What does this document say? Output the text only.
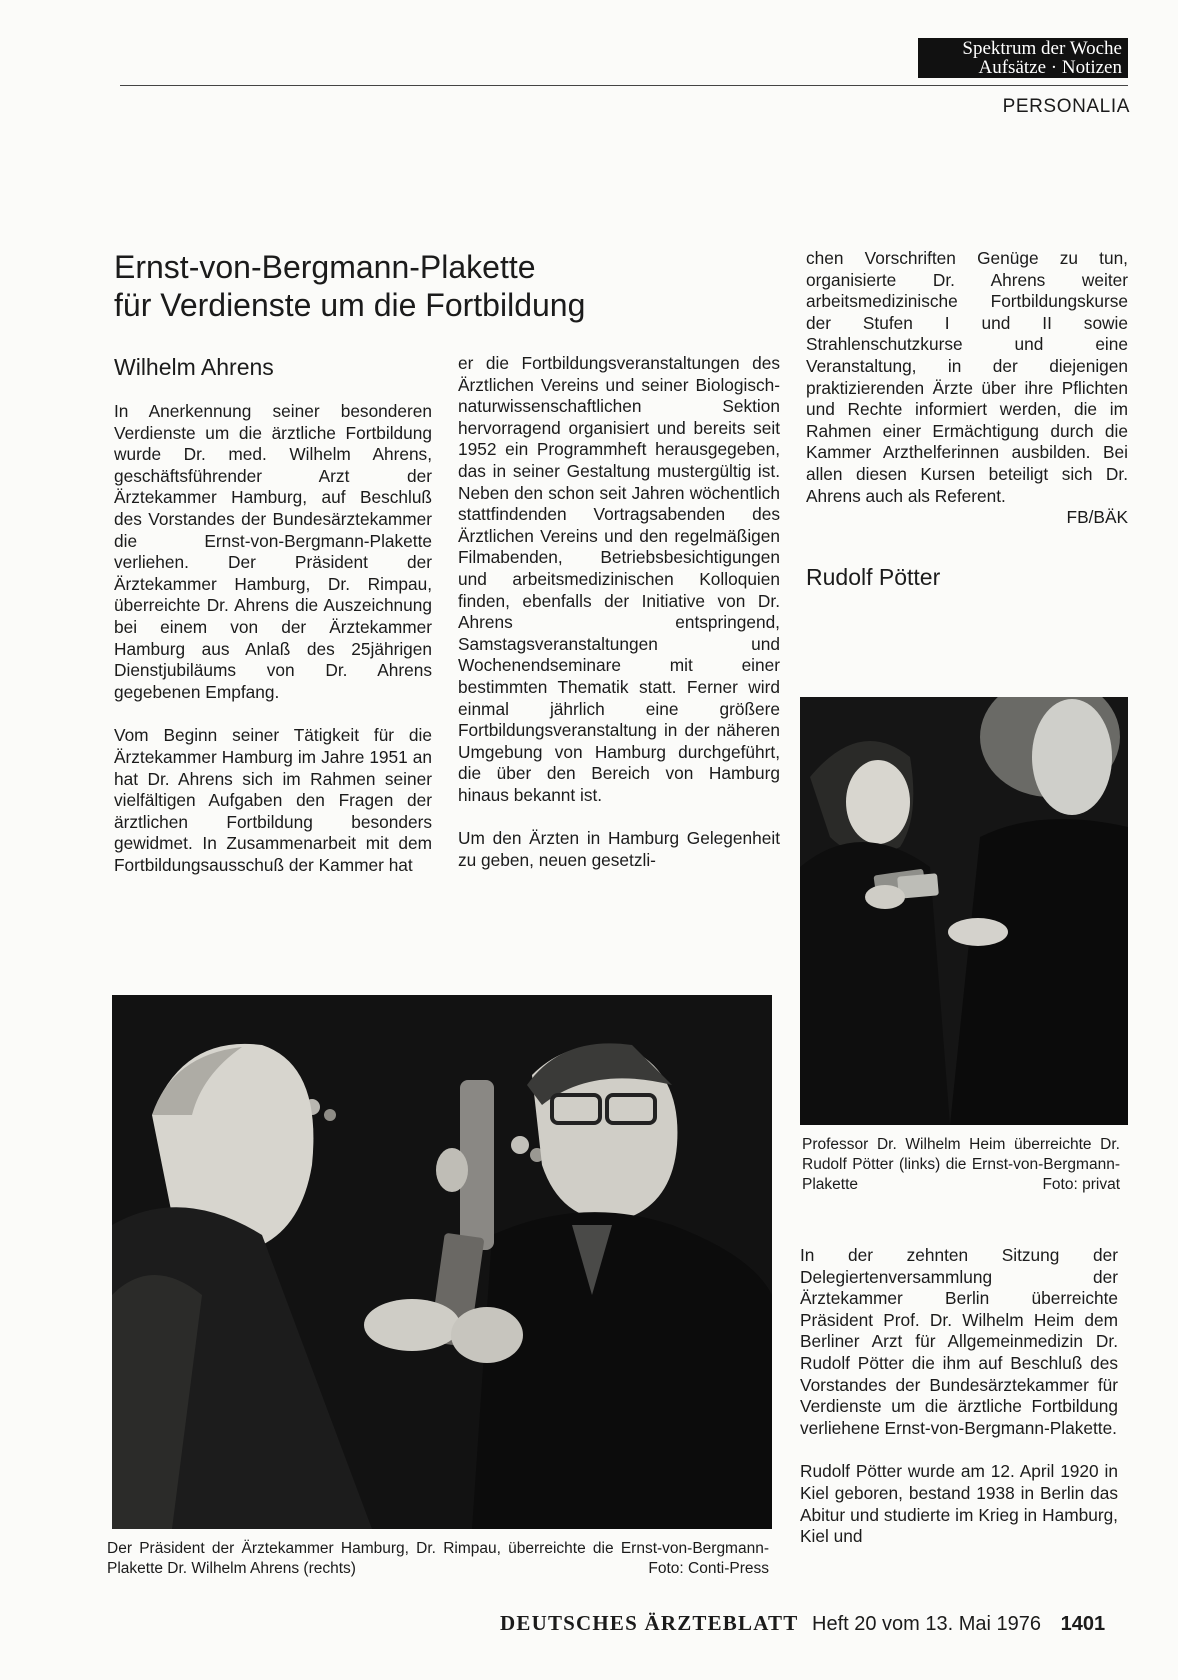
Spektrum der Woche
Aufsätze · Notizen
PERSONALIA
Ernst-von-Bergmann-Plakette
für Verdienste um die Fortbildung
Wilhelm Ahrens

In Anerkennung seiner besonderen Verdienste um die ärztliche Fortbildung wurde Dr. med. Wilhelm Ahrens, geschäftsführender Arzt der Ärztekammer Hamburg, auf Beschluß des Vorstandes der Bundesärztekammer die Ernst-von-Bergmann-Plakette verliehen. Der Präsident der Ärztekammer Hamburg, Dr. Rimpau, überreichte Dr. Ahrens die Auszeichnung bei einem von der Ärztekammer Hamburg aus Anlaß des 25jährigen Dienstjubiläums von Dr. Ahrens gegebenen Empfang.

Vom Beginn seiner Tätigkeit für die Ärztekammer Hamburg im Jahre 1951 an hat Dr. Ahrens sich im Rahmen seiner vielfältigen Aufgaben den Fragen der ärztlichen Fortbildung besonders gewidmet. In Zusammenarbeit mit dem Fortbildungsausschuß der Kammer hat

er die Fortbildungsveranstaltungen des Ärztlichen Vereins und seiner Biologisch-naturwissenschaftlichen Sektion hervorragend organisiert und bereits seit 1952 ein Programmheft herausgegeben, das in seiner Gestaltung mustergültig ist. Neben den schon seit Jahren wöchentlich stattfindenden Vortragsabenden des Ärztlichen Vereins und den regelmäßigen Filmabenden, Betriebsbesichtigungen und arbeitsmedizinischen Kolloquien finden, ebenfalls der Initiative von Dr. Ahrens entspringend, Samstagsveranstaltungen und Wochenendseminare mit einer bestimmten Thematik statt. Ferner wird einmal jährlich eine größere Fortbildungsveranstaltung in der näheren Umgebung von Hamburg durchgeführt, die über den Bereich von Hamburg hinaus bekannt ist.

Um den Ärzten in Hamburg Gelegenheit zu geben, neuen gesetzli-

chen Vorschriften Genüge zu tun, organisierte Dr. Ahrens weiter arbeitsmedizinische Fortbildungskurse der Stufen I und II sowie Strahlenschutzkurse und eine Veranstaltung, in der diejenigen praktizierenden Ärzte über ihre Pflichten und Rechte informiert werden, die im Rahmen einer Ermächtigung durch die Kammer Arzthelferinnen ausbilden. Bei allen diesen Kursen beteiligt sich Dr. Ahrens auch als Referent.

FB/BÄK
Rudolf Pötter
Professor Dr. Wilhelm Heim überreichte Dr. Rudolf Pötter (links) die Ernst-von-Bergmann-Plakette	Foto: privat

In der zehnten Sitzung der Delegiertenversammlung der Ärztekammer Berlin überreichte Präsident Prof. Dr. Wilhelm Heim dem Berliner Arzt für Allgemeinmedizin Dr. Rudolf Pötter die ihm auf Beschluß des Vorstandes der Bundesärztekammer für Verdienste um die ärztliche Fortbildung verliehene Ernst-von-Bergmann-Plakette.

Rudolf Pötter wurde am 12. April 1920 in Kiel geboren, bestand 1938 in Berlin das Abitur und studierte im Krieg in Hamburg, Kiel und

Der Präsident der Ärztekammer Hamburg, Dr. Rimpau, überreichte die Ernst-von-Bergmann-Plakette Dr. Wilhelm Ahrens (rechts)	Foto: Conti-Press
DEUTSCHES ÄRZTEBLATT Heft 20 vom 13. Mai 1976 1401
